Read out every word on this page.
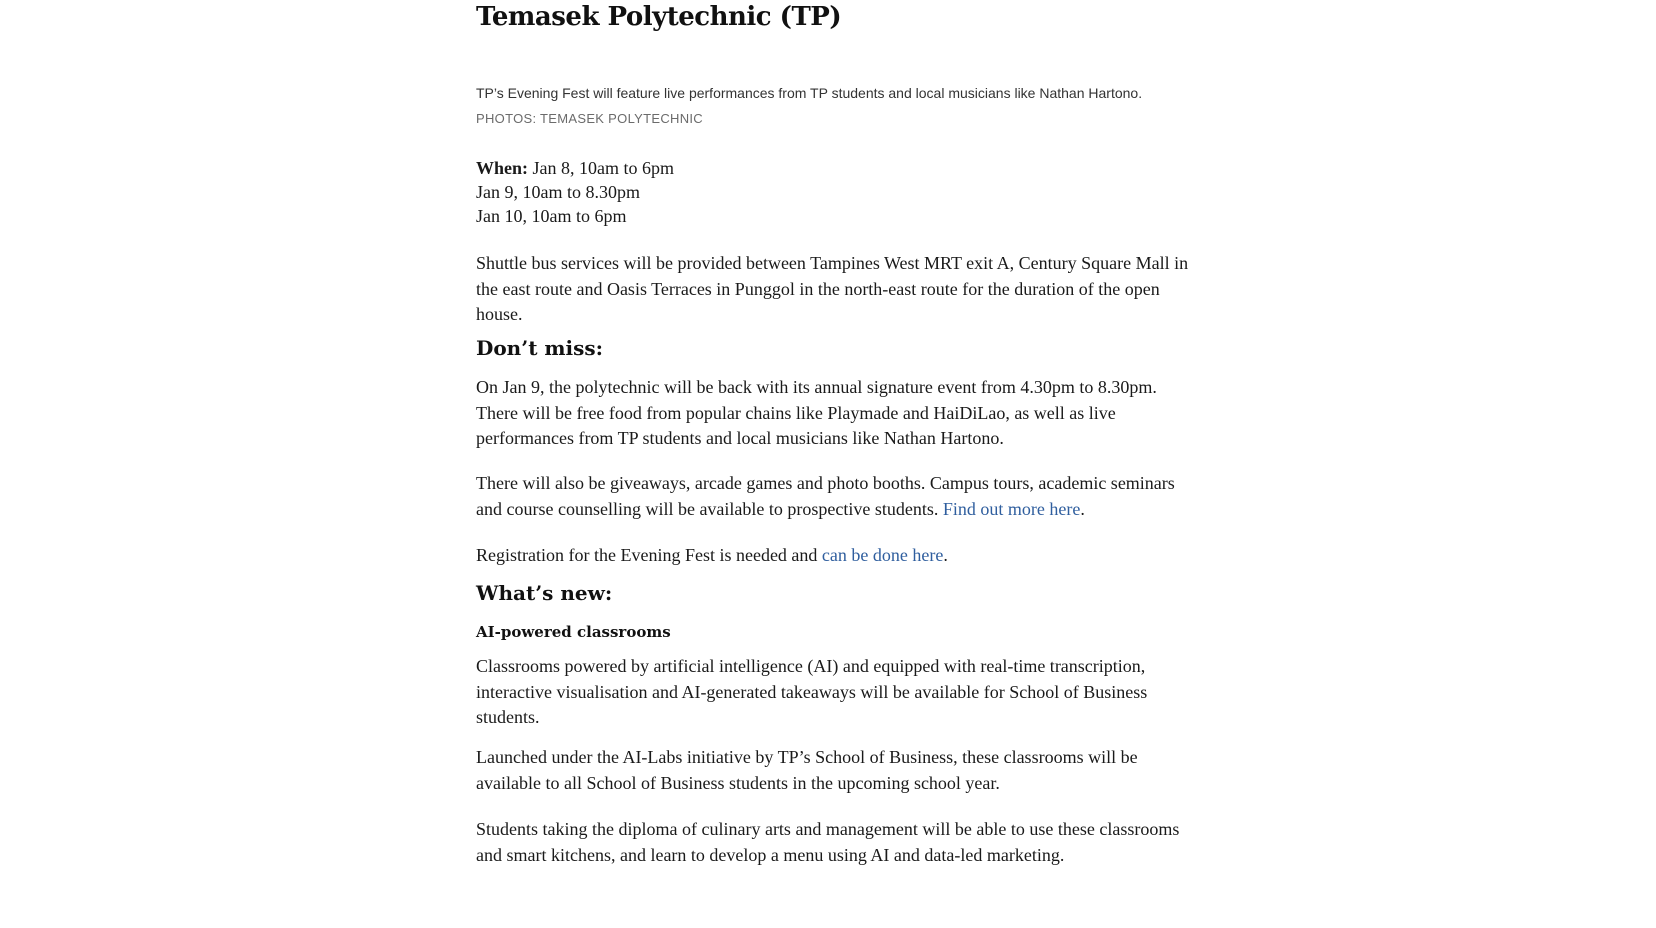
Temasek Polytechnic (TP)
TP’s Evening Fest will feature live performances from TP students and local musicians like Nathan Hartono.
PHOTOS: TEMASEK POLYTECHNIC
When: Jan 8, 10am to 6pm
Jan 9, 10am to 8.30pm
Jan 10, 10am to 6pm

Shuttle bus services will be provided between Tampines West MRT exit A, Century Square Mall in the east route and Oasis Terraces in Punggol in the north-east route for the duration of the open house.

Don’t miss:

On Jan 9, the polytechnic will be back with its annual signature event from 4.30pm to 8.30pm. There will be free food from popular chains like Playmade and HaiDiLao, as well as live performances from TP students and local musicians like Nathan Hartono.

There will also be giveaways, arcade games and photo booths. Campus tours, academic seminars and course counselling will be available to prospective students. Find out more here.

Registration for the Evening Fest is needed and can be done here.

What’s new:
AI-powered classrooms

Classrooms powered by artificial intelligence (AI) and equipped with real-time transcription, interactive visualisation and AI-generated takeaways will be available for School of Business students.

Launched under the AI-Labs initiative by TP’s School of Business, these classrooms will be available to all School of Business students in the upcoming school year.

Students taking the diploma of culinary arts and management will be able to use these classrooms and smart kitchens, and learn to develop a menu using AI and data-led marketing.
